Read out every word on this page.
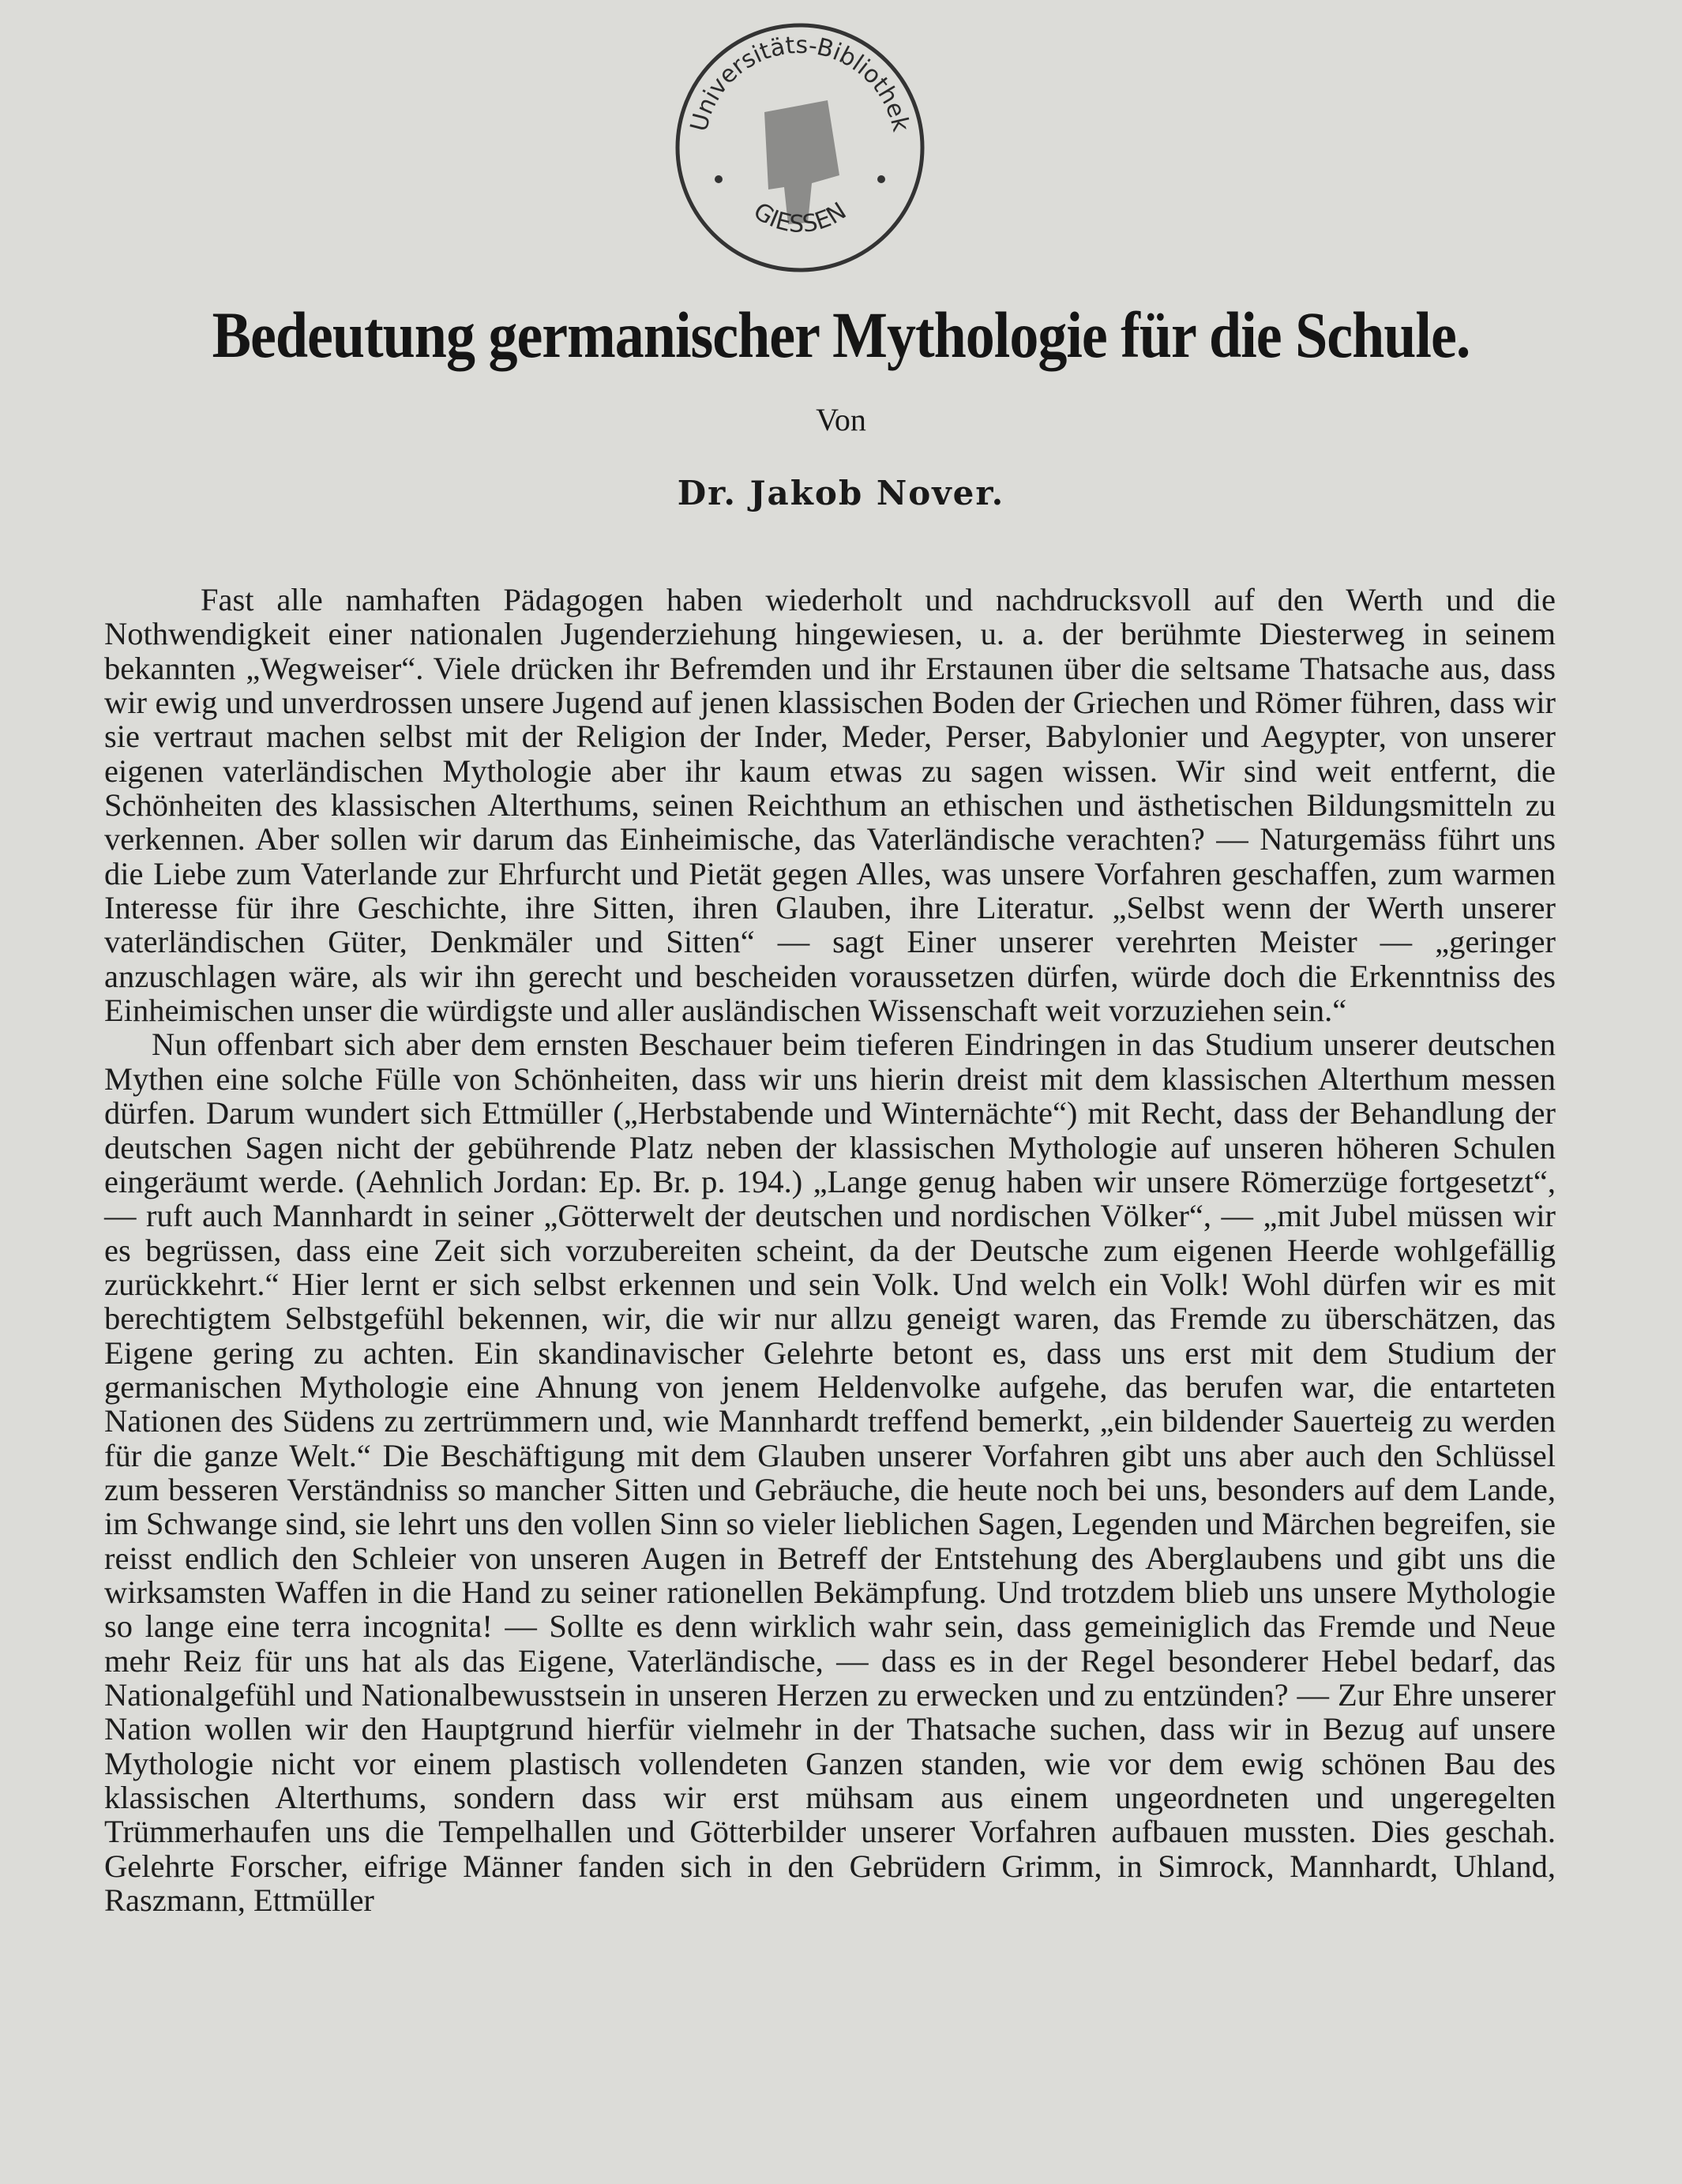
Universitäts-Bibliothek
GIESSEN
Bedeutung germanischer Mythologie für die Schule.
Von
Dr. Jakob Nover.

Fast alle namhaften Pädagogen haben wiederholt und nachdrucksvoll auf den Werth und die Nothwendigkeit einer nationalen Jugenderziehung hingewiesen, u. a. der berühmte Diesterweg in seinem bekannten „Wegweiser“. Viele drücken ihr Befremden und ihr Erstaunen über die seltsame Thatsache aus, dass wir ewig und unverdrossen unsere Jugend auf jenen klassischen Boden der Griechen und Römer führen, dass wir sie vertraut machen selbst mit der Religion der Inder, Meder, Perser, Babylonier und Aegypter, von unserer eigenen vaterländischen Mythologie aber ihr kaum etwas zu sagen wissen. Wir sind weit entfernt, die Schönheiten des klassischen Alterthums, seinen Reichthum an ethischen und ästhetischen Bildungsmitteln zu verkennen. Aber sollen wir darum das Einheimische, das Vaterländische verachten? — Naturgemäss führt uns die Liebe zum Vaterlande zur Ehrfurcht und Pietät gegen Alles, was unsere Vorfahren geschaffen, zum warmen Interesse für ihre Geschichte, ihre Sitten, ihren Glauben, ihre Literatur. „Selbst wenn der Werth unserer vaterländischen Güter, Denkmäler und Sitten“ — sagt Einer unserer verehrten Meister — „geringer anzuschlagen wäre, als wir ihn gerecht und bescheiden voraussetzen dürfen, würde doch die Erkenntniss des Einheimischen unser die würdigste und aller ausländischen Wissenschaft weit vorzuziehen sein.“

Nun offenbart sich aber dem ernsten Beschauer beim tieferen Eindringen in das Studium unserer deutschen Mythen eine solche Fülle von Schönheiten, dass wir uns hierin dreist mit dem klassischen Alterthum messen dürfen. Darum wundert sich Ettmüller („Herbstabende und Winternächte“) mit Recht, dass der Behandlung der deutschen Sagen nicht der gebührende Platz neben der klassischen Mythologie auf unseren höheren Schulen eingeräumt werde. (Aehnlich Jordan: Ep. Br. p. 194.) „Lange genug haben wir unsere Römerzüge fortgesetzt“, — ruft auch Mannhardt in seiner „Götterwelt der deutschen und nordischen Völker“, — „mit Jubel müssen wir es begrüssen, dass eine Zeit sich vorzubereiten scheint, da der Deutsche zum eigenen Heerde wohlgefällig zurückkehrt.“ Hier lernt er sich selbst erkennen und sein Volk. Und welch ein Volk! Wohl dürfen wir es mit berechtigtem Selbstgefühl bekennen, wir, die wir nur allzu geneigt waren, das Fremde zu überschätzen, das Eigene gering zu achten. Ein skandinavischer Gelehrte betont es, dass uns erst mit dem Studium der germanischen Mythologie eine Ahnung von jenem Heldenvolke aufgehe, das berufen war, die entarteten Nationen des Südens zu zertrümmern und, wie Mannhardt treffend bemerkt, „ein bildender Sauerteig zu werden für die ganze Welt.“ Die Beschäftigung mit dem Glauben unserer Vorfahren gibt uns aber auch den Schlüssel zum besseren Verständniss so mancher Sitten und Gebräuche, die heute noch bei uns, besonders auf dem Lande, im Schwange sind, sie lehrt uns den vollen Sinn so vieler lieblichen Sagen, Legenden und Märchen begreifen, sie reisst endlich den Schleier von unseren Augen in Betreff der Entstehung des Aberglaubens und gibt uns die wirksamsten Waffen in die Hand zu seiner rationellen Bekämpfung. Und trotzdem blieb uns unsere Mythologie so lange eine terra incognita! — Sollte es denn wirklich wahr sein, dass gemeiniglich das Fremde und Neue mehr Reiz für uns hat als das Eigene, Vaterländische, — dass es in der Regel besonderer Hebel bedarf, das Nationalgefühl und Nationalbewusstsein in unseren Herzen zu erwecken und zu entzünden? — Zur Ehre unserer Nation wollen wir den Hauptgrund hierfür vielmehr in der Thatsache suchen, dass wir in Bezug auf unsere Mythologie nicht vor einem plastisch vollendeten Ganzen standen, wie vor dem ewig schönen Bau des klassischen Alterthums, sondern dass wir erst mühsam aus einem ungeordneten und ungeregelten Trümmerhaufen uns die Tempelhallen und Götterbilder unserer Vorfahren aufbauen mussten. Dies geschah. Gelehrte Forscher, eifrige Männer fanden sich in den Gebrüdern Grimm, in Simrock, Mannhardt, Uhland, Raszmann, Ettmüller
